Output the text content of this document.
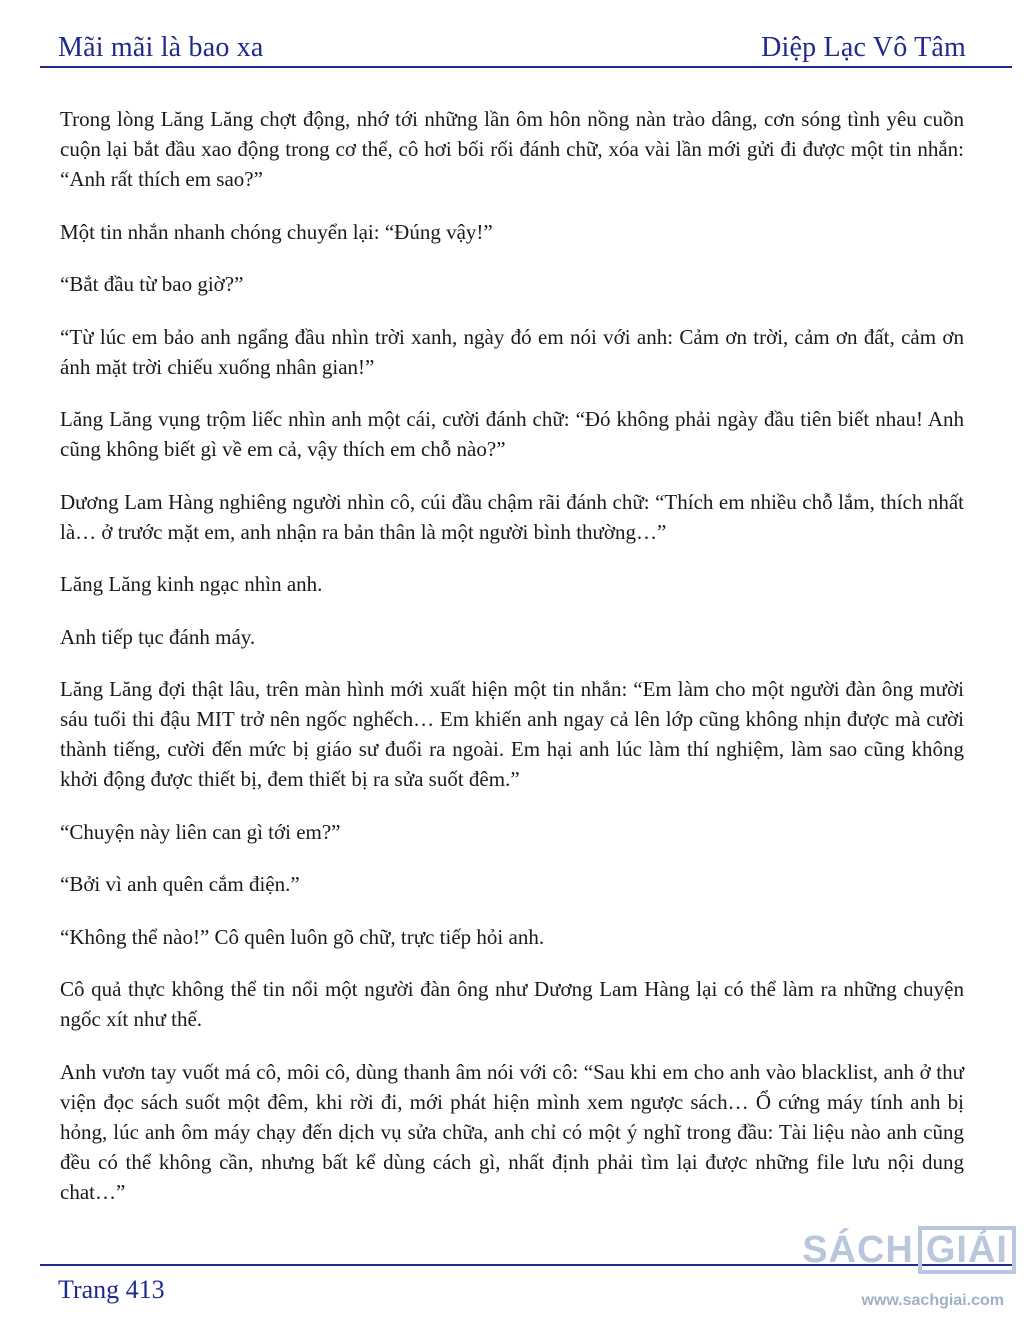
Mãi mãi là bao xa	Diệp Lạc Vô Tâm

Trong lòng Lăng Lăng chợt động, nhớ tới những lần ôm hôn nồng nàn trào dâng, cơn sóng tình yêu cuồn cuộn lại bắt đầu xao động trong cơ thể, cô hơi bối rối đánh chữ, xóa vài lần mới gửi đi được một tin nhắn: “Anh rất thích em sao?”

Một tin nhắn nhanh chóng chuyển lại: “Đúng vậy!”

“Bắt đầu từ bao giờ?”

“Từ lúc em bảo anh ngẩng đầu nhìn trời xanh, ngày đó em nói với anh: Cảm ơn trời, cảm ơn đất, cảm ơn ánh mặt trời chiếu xuống nhân gian!”

Lăng Lăng vụng trộm liếc nhìn anh một cái, cười đánh chữ: “Đó không phải ngày đầu tiên biết nhau! Anh cũng không biết gì về em cả, vậy thích em chỗ nào?”

Dương Lam Hàng nghiêng người nhìn cô, cúi đầu chậm rãi đánh chữ: “Thích em nhiều chỗ lắm, thích nhất là… ở trước mặt em, anh nhận ra bản thân là một người bình thường…”

Lăng Lăng kinh ngạc nhìn anh.

Anh tiếp tục đánh máy.

Lăng Lăng đợi thật lâu, trên màn hình mới xuất hiện một tin nhắn: “Em làm cho một người đàn ông mười sáu tuổi thi đậu MIT trở nên ngốc nghếch… Em khiến anh ngay cả lên lớp cũng không nhịn được mà cười thành tiếng, cười đến mức bị giáo sư đuổi ra ngoài. Em hại anh lúc làm thí nghiệm, làm sao cũng không khởi động được thiết bị, đem thiết bị ra sửa suốt đêm.”

“Chuyện này liên can gì tới em?”

“Bởi vì anh quên cắm điện.”

“Không thể nào!” Cô quên luôn gõ chữ, trực tiếp hỏi anh.

Cô quả thực không thể tin nổi một người đàn ông như Dương Lam Hàng lại có thể làm ra những chuyện ngốc xít như thế.

Anh vươn tay vuốt má cô, môi cô, dùng thanh âm nói với cô: “Sau khi em cho anh vào blacklist, anh ở thư viện đọc sách suốt một đêm, khi rời đi, mới phát hiện mình xem ngược sách… Ổ cứng máy tính anh bị hỏng, lúc anh ôm máy chạy đến dịch vụ sửa chữa, anh chỉ có một ý nghĩ trong đầu: Tài liệu nào anh cũng đều có thể không cần, nhưng bất kể dùng cách gì, nhất định phải tìm lại được những file lưu nội dung chat…”

Trang 413
SÁCH GIẢI
www.sachgiai.com
